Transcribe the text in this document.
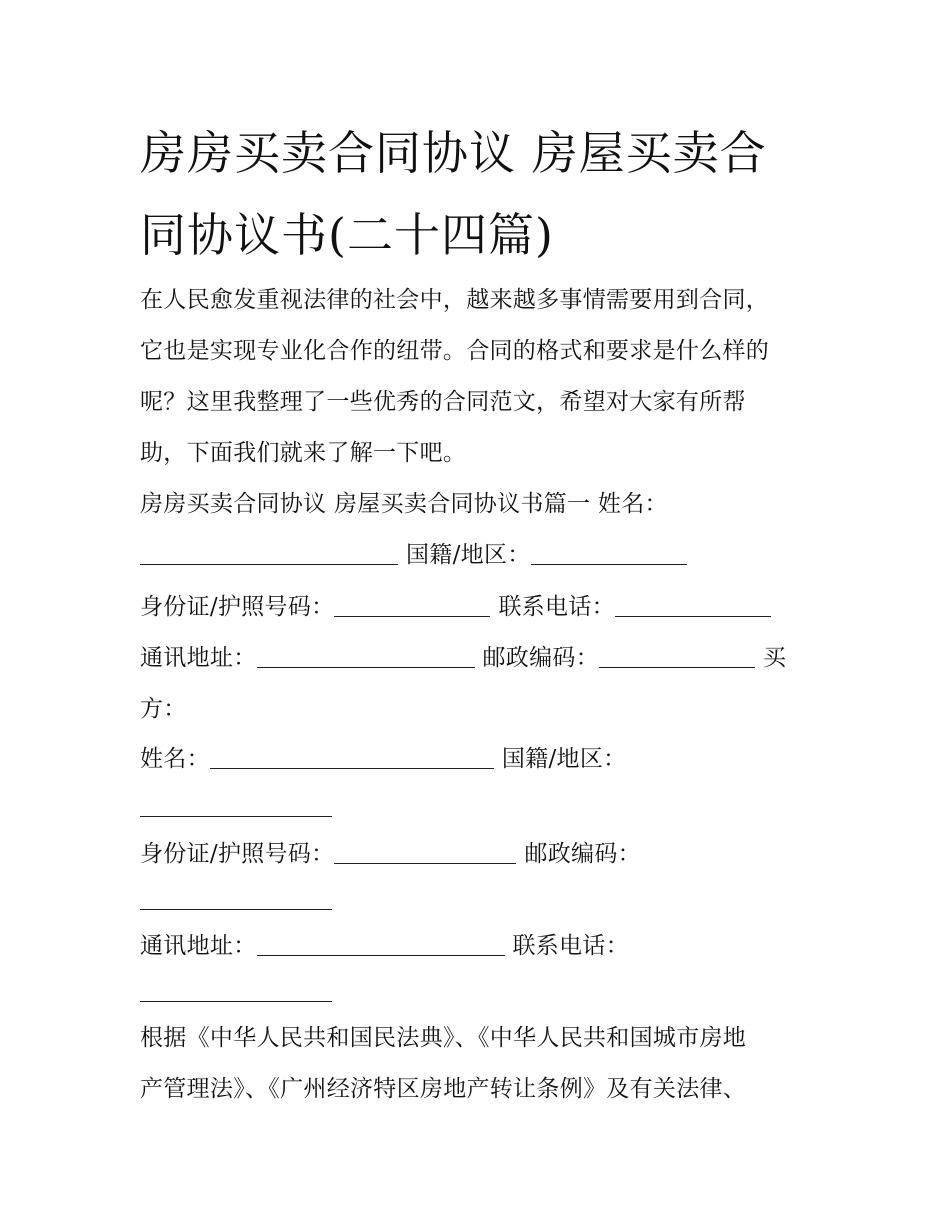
房房买卖合同协议 房屋买卖合
同协议书(二十四篇)
在人民愈发重视法律的社会中，越来越多事情需要用到合同，
它也是实现专业化合作的纽带。合同的格式和要求是什么样的
呢？这里我整理了一些优秀的合同范文，希望对大家有所帮
助，下面我们就来了解一下吧。
房房买卖合同协议 房屋买卖合同协议书篇一 姓名：
国籍/地区：
身份证/护照号码：	联系电话：
通讯地址：	邮政编码：	买
方：
姓名：	国籍/地区：
身份证/护照号码：	邮政编码：
通讯地址：	联系电话：
根据《中华人民共和国民法典》、《中华人民共和国城市房地
产管理法》、《广州经济特区房地产转让条例》及有关法律、
